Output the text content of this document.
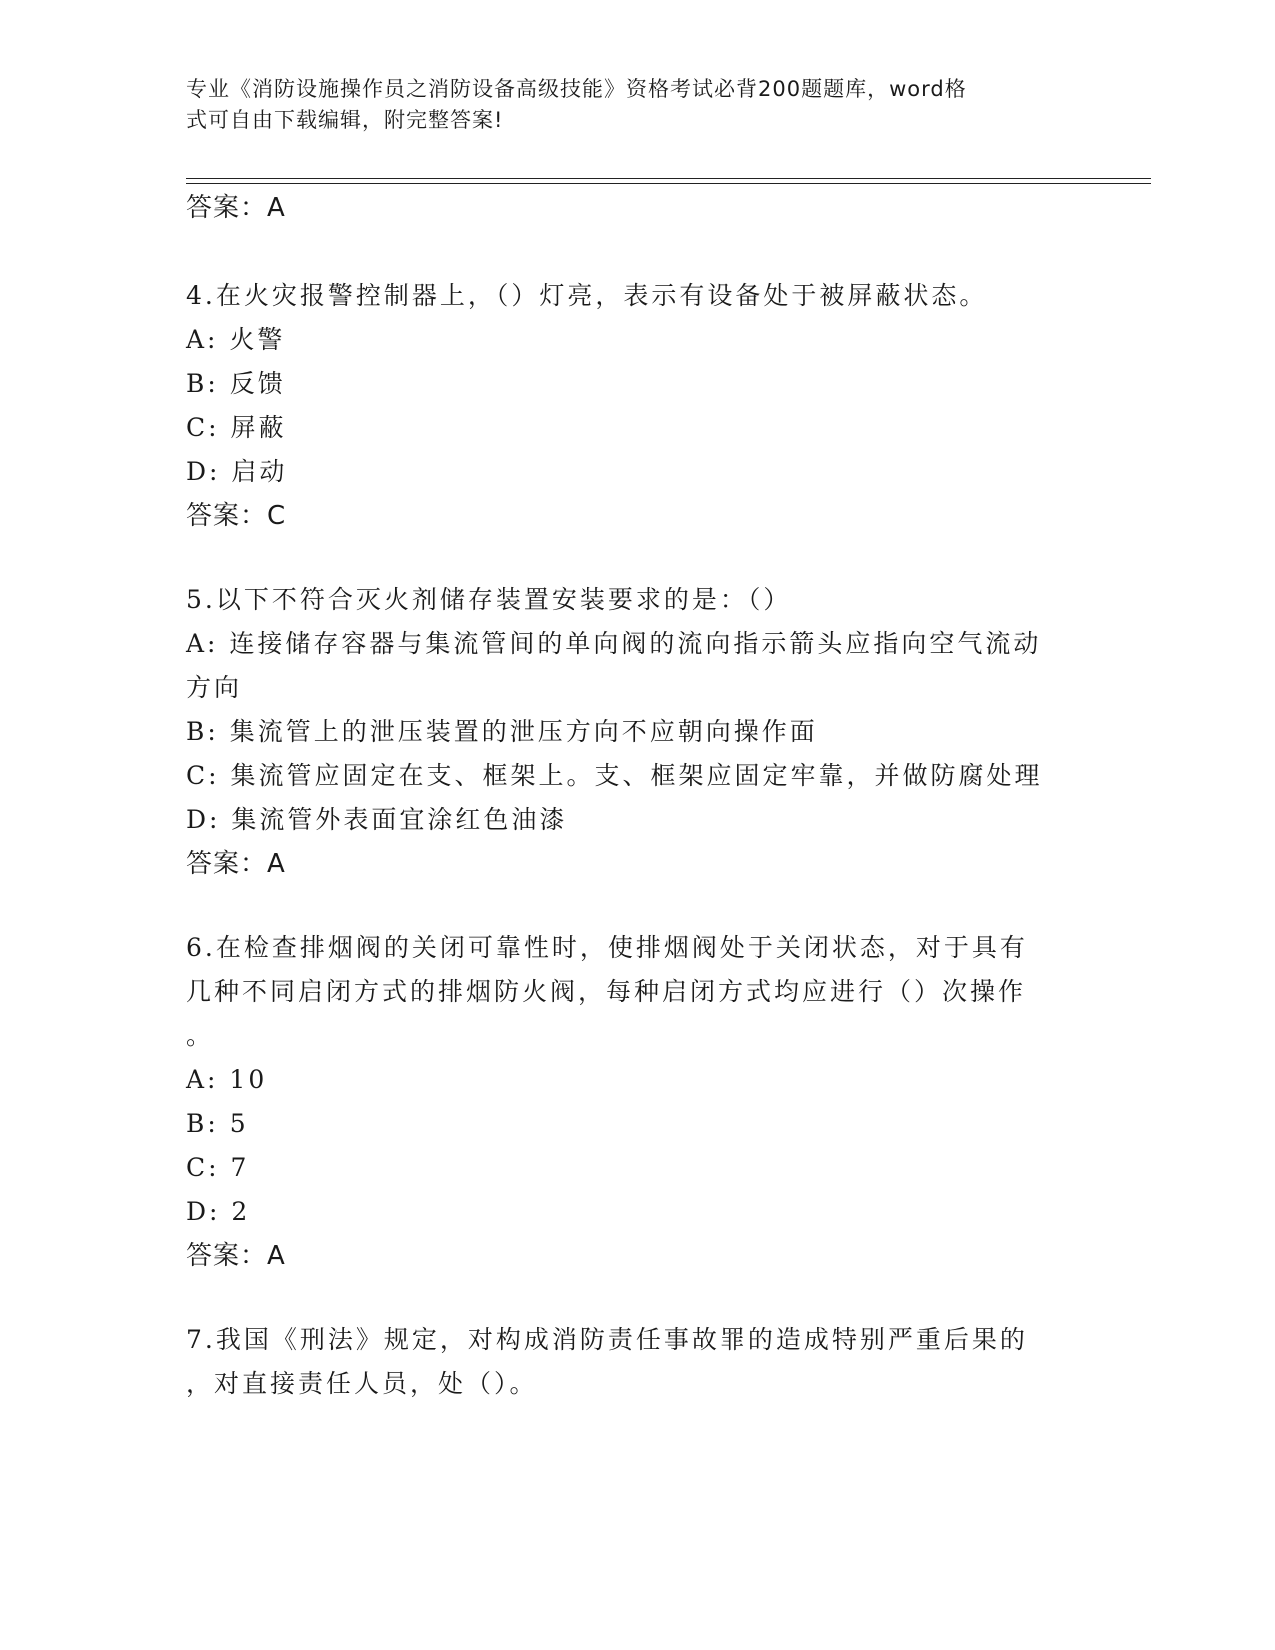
专业《消防设施操作员之消防设备高级技能》资格考试必背200题题库，word格
式可自由下载编辑，附完整答案!
答案：A
4.在火灾报警控制器上，（）灯亮，表示有设备处于被屏蔽状态。
A: 火警
B: 反馈
C: 屏蔽
D: 启动
答案：C
5.以下不符合灭火剂储存装置安装要求的是：（）
A: 连接储存容器与集流管间的单向阀的流向指示箭头应指向空气流动
方向
B: 集流管上的泄压装置的泄压方向不应朝向操作面
C: 集流管应固定在支、框架上。支、框架应固定牢靠，并做防腐处理
D: 集流管外表面宜涂红色油漆
答案：A
6.在检查排烟阀的关闭可靠性时，使排烟阀处于关闭状态，对于具有
几种不同启闭方式的排烟防火阀，每种启闭方式均应进行（）次操作
。
A: 10
B: 5
C: 7
D: 2
答案：A
7.我国《刑法》规定，对构成消防责任事故罪的造成特别严重后果的
，对直接责任人员，处（）。
